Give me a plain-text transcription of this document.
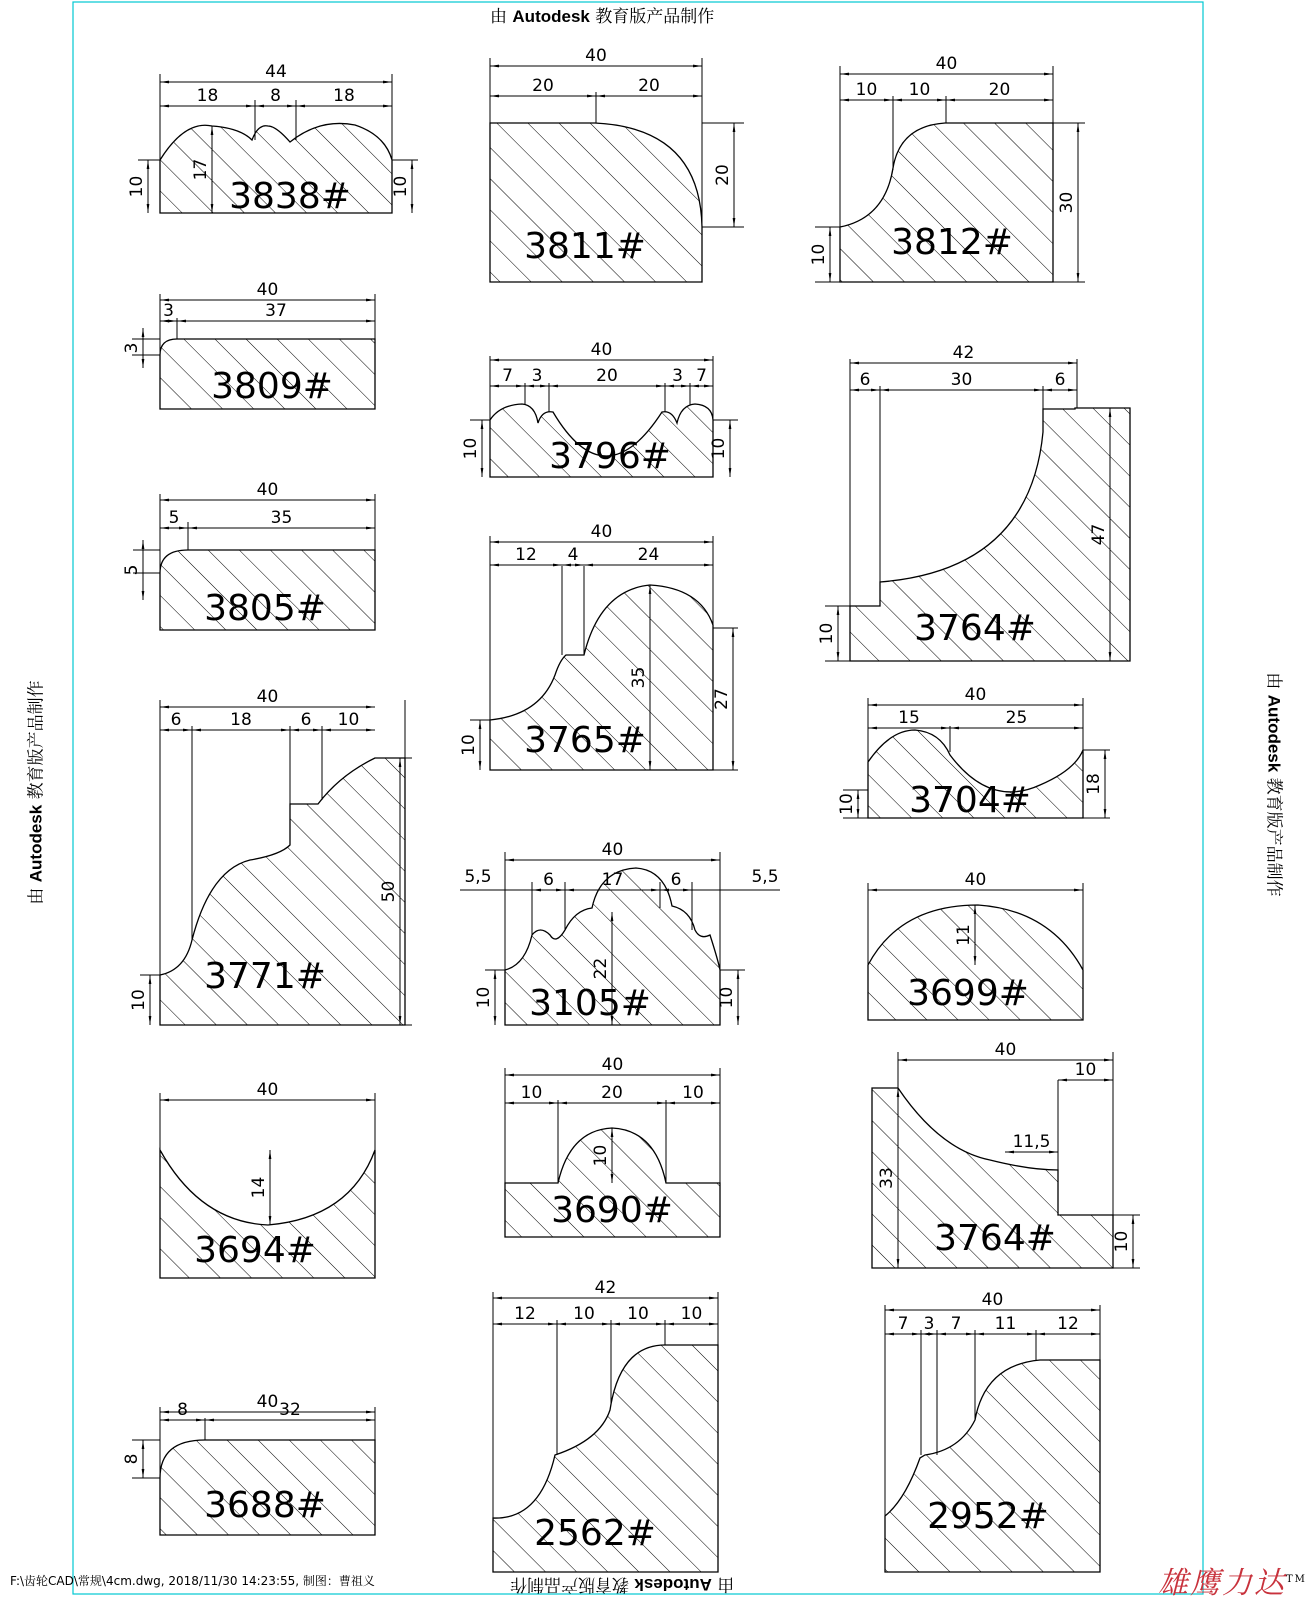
44
18	8	18
17
10	10
3838#
40
20	20
20
3811#
40
10 10	20
30
10 3812#
40
3	37
3
3809#
40
7 3	20	3 7
10	10
3796#
42
6	30	6
47
10 3764#
40
5	35
5
3805#
40
12 4	24
35
27
10 3765#
40
15	25
18
10 3704#
40
6	18	6 10
50
10
3771#
40
5,5	6	17	6	5,5
22
10	10
3105#
40
11
3699#
40
14
3694#
40
10	20	10
10
3690#
40
10
11,5
33
10
3764#
40
8	32
8
3688#
42
12 10 10 10
2562#
40
7 3 7 11 12
2952#
由 Autodesk 教育版产品制作
由 Autodesk 教育版产品制作
由 Autodesk 教育版产品制作	由 Autodesk 教育版产品制作
F:\齿轮CAD\常规\4cm.dwg, 2018/11/30 14:23:55, 制图：曹祖义	雄鹰力达™
